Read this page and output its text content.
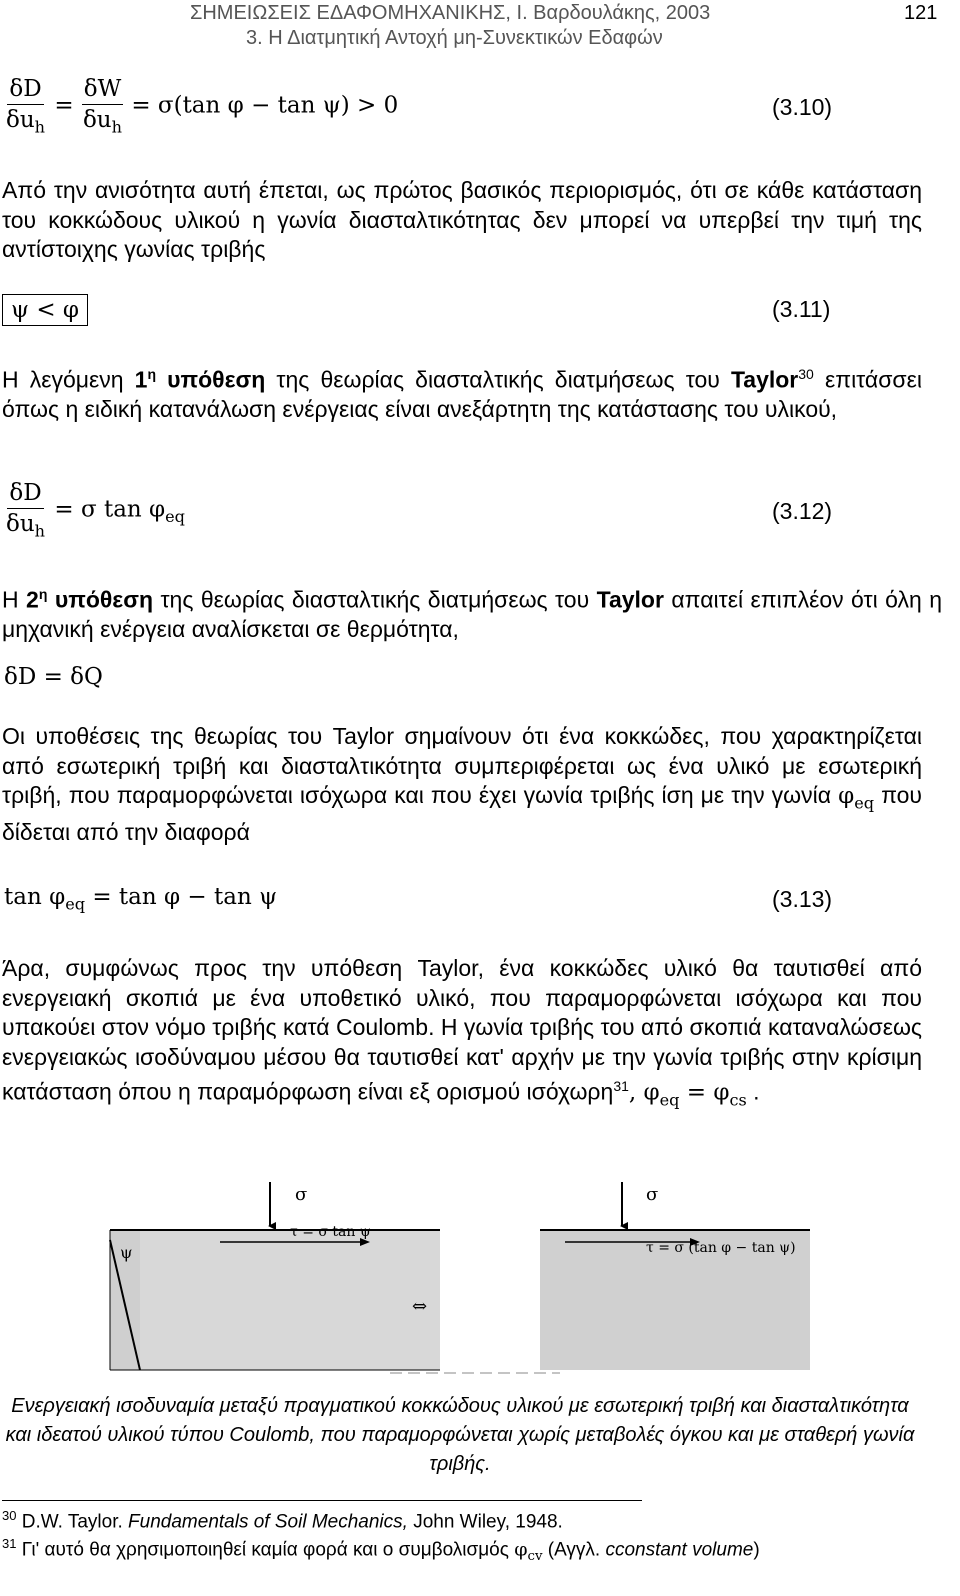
ΣΗΜΕΙΩΣΕΙΣ ΕΔΑΦΟΜΗΧΑΝΙΚΗΣ, Ι. Βαρδουλάκης, 2003	121
3. Η Διατμητική Αντοχή μη-Συνεκτικών Εδαφών
$\frac{\delta D}{\delta u_h} = \frac{\delta W}{\delta u_h} = \sigma(\tan$ φ − tan ψ) > 0	(3.10)
Από την ανισότητα αυτή έπεται, ως πρώτος βασικός περιορισμός, ότι σε κάθε κατάσταση του κοκκώδους υλικού η γωνία διασταλτικότητας δεν μπορεί να υπερβεί την τιμή της αντίστοιχης γωνίας τριβής
ψ < φ	(3.11)
Η λεγόμενη $1^\eta$ υπόθεση της θεωρίας διασταλτικής διατμήσεως του Taylor$^{30}$ επιτάσσει όπως η ειδική κατανάλωση ενέργειας είναι ανεξάρτητη της κατάστασης του υλικού,
$\frac{\delta D}{\delta u_h} = \sigma$ $\tan \varphi_{eq}$	(3.12)
Η $2^\eta$ υπόθεση της θεωρίας διασταλτικής διατμήσεως του Taylor απαιτεί επιπλέον ότι όλη η μηχανική ενέργεια αναλίσκεται σε θερμότητα,
δD = δQ
Οι υποθέσεις της θεωρίας του Taylor σημαίνουν ότι ένα κοκκώδες, που χαρακτηρίζεται από εσωτερική τριβή και διασταλτικότητα συμπεριφέρεται ως ένα υλικό με εσωτερική τριβή, που παραμορφώνεται ισόχωρα και που έχει γωνία τριβής ίση με την γωνία $\varphi_{eq}$ που δίδεται από την διαφορά
$\tan \varphi_{eq} = \tan \varphi - \tan \psi$	(3.13)
Άρα, συμφώνως προς την υπόθεση Taylor, ένα κοκκώδες υλικό θα ταυτισθεί από ενεργειακή σκοπιά με ένα υποθετικό υλικό, που παραμορφώνεται ισόχωρα και που υπακούει στον νόμο τριβής κατά Coulomb. Η γωνία τριβής του από σκοπιά καταναλώσεως ενεργειακώς ισοδύναμου μέσου θα ταυτισθεί κατ' αρχήν με την γωνία τριβής στην κρίσιμη κατάσταση όπου η παραμόρφωση είναι εξ ορισμού ισόχωρη$^{31}$, $\varphi_{eq} = \varphi_{cs}$ .
σ
τ = σ tan ψ
ψ
⇔
σ
τ = σ (tan φ − tan ψ)
Ενεργειακή ισοδυναμία μεταξύ πραγματικού κοκκώδους υλικού με εσωτερική τριβή και διασταλτικότητα και ιδεατού υλικού τύπου Coulomb, που παραμορφώνεται χωρίς μεταβολές όγκου και με σταθερή γωνία τριβής.
$^{30}$ D.W. Taylor. Fundamentals of Soil Mechanics, John Wiley, 1948.
$^{31}$ Γι' αυτό θα χρησιμοποιηθεί καμία φορά και ο συμβολισμός $\varphi_{cv}$ (Αγγλ. cconstant volume)
